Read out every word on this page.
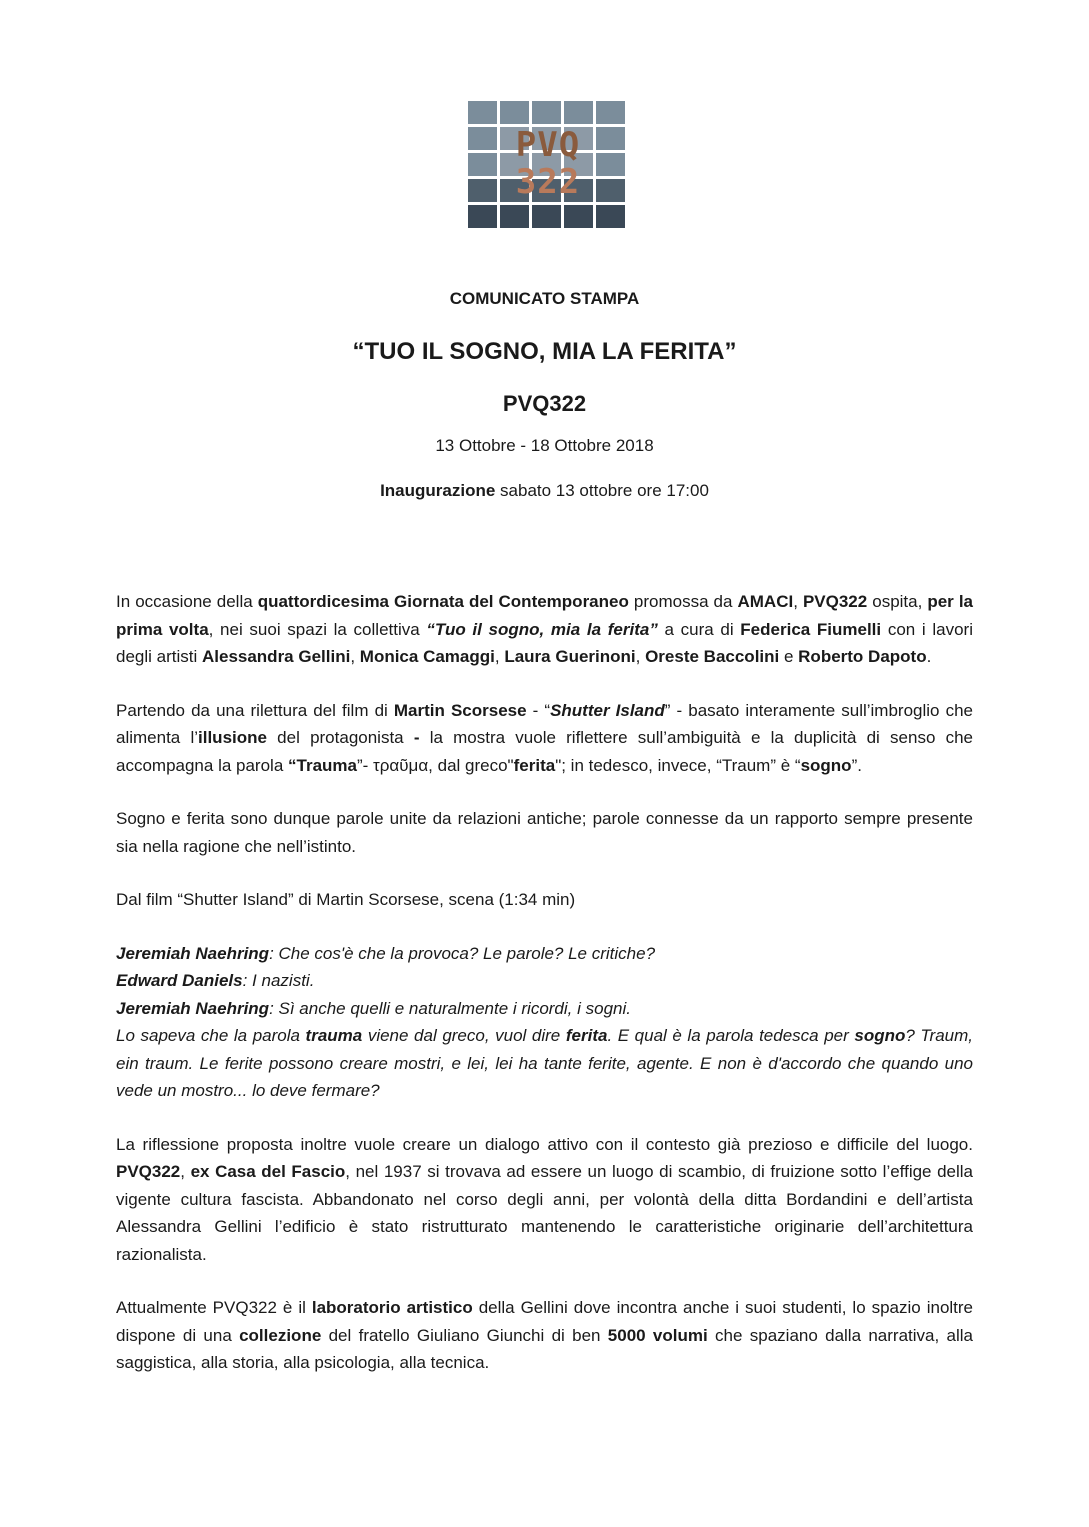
PVQ
322
COMUNICATO STAMPA
“TUO IL SOGNO, MIA LA FERITA”
PVQ322
13 Ottobre - 18 Ottobre 2018
Inaugurazione sabato 13 ottobre ore 17:00

In occasione della quattordicesima Giornata del Contemporaneo promossa da AMACI, PVQ322 ospita, per la prima volta, nei suoi spazi la collettiva “Tuo il sogno, mia la ferita” a cura di Federica Fiumelli con i lavori degli artisti Alessandra Gellini, Monica Camaggi, Laura Guerinoni, Oreste Baccolini e Roberto Dapoto.

Partendo da una rilettura del film di Martin Scorsese - “Shutter Island” - basato interamente sull’imbroglio che alimenta l’illusione del protagonista - la mostra vuole riflettere sull’ambiguità e la duplicità di senso che accompagna la parola “Trauma”- τραῦμα, dal greco"ferita"; in tedesco, invece, “Traum” è “sogno”.

Sogno e ferita sono dunque parole unite da relazioni antiche; parole connesse da un rapporto sempre presente sia nella ragione che nell’istinto.

Dal film “Shutter Island” di Martin Scorsese, scena (1:34 min)

Jeremiah Naehring: Che cos'è che la provoca? Le parole? Le critiche?

Edward Daniels: I nazisti.

Jeremiah Naehring: Sì anche quelli e naturalmente i ricordi, i sogni.

Lo sapeva che la parola trauma viene dal greco, vuol dire ferita. E qual è la parola tedesca per sogno? Traum, ein traum. Le ferite possono creare mostri, e lei, lei ha tante ferite, agente. E non è d'accordo che quando uno vede un mostro... lo deve fermare?

La riflessione proposta inoltre vuole creare un dialogo attivo con il contesto già prezioso e difficile del luogo. PVQ322, ex Casa del Fascio, nel 1937 si trovava ad essere un luogo di scambio, di fruizione sotto l’effige della vigente cultura fascista. Abbandonato nel corso degli anni, per volontà della ditta Bordandini e dell’artista Alessandra Gellini l’edificio è stato ristrutturato mantenendo le caratteristiche originarie dell’architettura razionalista.

Attualmente PVQ322 è il laboratorio artistico della Gellini dove incontra anche i suoi studenti, lo spazio inoltre dispone di una collezione del fratello Giuliano Giunchi di ben 5000 volumi che spaziano dalla narrativa, alla saggistica, alla storia, alla psicologia, alla tecnica.
